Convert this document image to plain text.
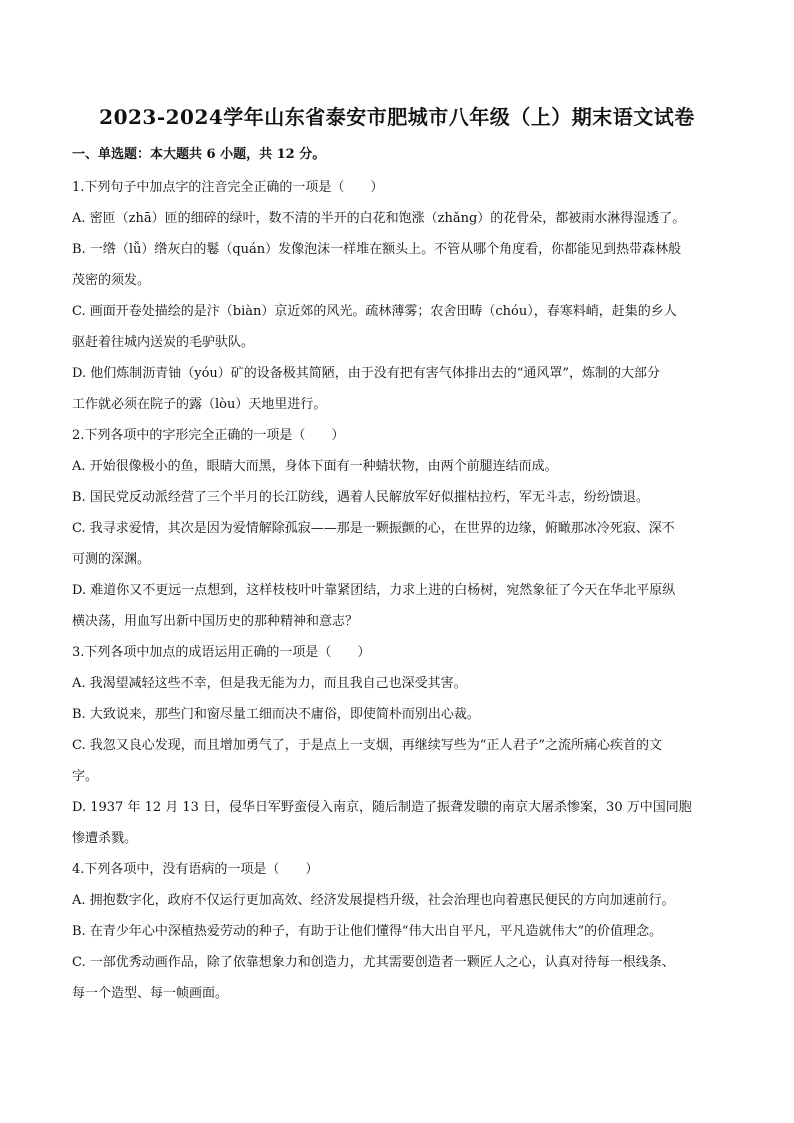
2023-2024学年山东省泰安市肥城市八年级（上）期末语文试卷
一、单选题：本大题共 6 小题，共 12 分。
1.下列句子中加点字的注音完全正确的一项是（　　）
A. 密匝（zhā）匝的细碎的绿叶，数不清的半开的白花和饱涨（zhǎng）的花骨朵，都被雨水淋得湿透了。
B. 一绺（lǚ）绺灰白的鬈（quán）发像泡沫一样堆在额头上。不管从哪个角度看，你都能见到热带森林般
茂密的须发。
C. 画面开卷处描绘的是汴（biàn）京近郊的风光。疏林薄雾；农舍田畴（chóu），春寒料峭，赶集的乡人
驱赶着往城内送炭的毛驴驮队。
D. 他们炼制沥青铀（yóu）矿的设备极其简陋，由于没有把有害气体排出去的“通风罩”，炼制的大部分
工作就必须在院子的露（lòu）天地里进行。
2.下列各项中的字形完全正确的一项是（　　）
A. 开始很像极小的鱼，眼睛大而黑，身体下面有一种蜻状物，由两个前腿连结而成。
B. 国民党反动派经营了三个半月的长江防线，遇着人民解放军好似摧枯拉朽，军无斗志，纷纷馈退。
C. 我寻求爱情，其次是因为爱情解除孤寂——那是一颗振颤的心，在世界的边缘，俯瞰那冰冷死寂、深不
可测的深渊。
D. 难道你又不更远一点想到，这样枝枝叶叶靠紧团结，力求上进的白杨树，宛然象征了今天在华北平原纵
横决荡，用血写出新中国历史的那种精神和意志？
3.下列各项中加点的成语运用正确的一项是（　　）
A. 我渴望减轻这些不幸，但是我无能为力，而且我自己也深受其害。
B. 大致说来，那些门和窗尽量工细而决不庸俗，即使简朴而别出心裁。
C. 我忽又良心发现，而且增加勇气了，于是点上一支烟，再继续写些为“正人君子”之流所痛心疾首的文
字。
D. 1937 年 12 月 13 日，侵华日军野蛮侵入南京，随后制造了振聋发聩的南京大屠杀惨案，30 万中国同胞
惨遭杀戮。
4.下列各项中，没有语病的一项是（　　）
A. 拥抱数字化，政府不仅运行更加高效、经济发展提档升级，社会治理也向着惠民便民的方向加速前行。
B. 在青少年心中深植热爱劳动的种子，有助于让他们懂得“伟大出自平凡，平凡造就伟大”的价值理念。
C. 一部优秀动画作品，除了依靠想象力和创造力，尤其需要创造者一颗匠人之心，认真对待每一根线条、
每一个造型、每一帧画面。
